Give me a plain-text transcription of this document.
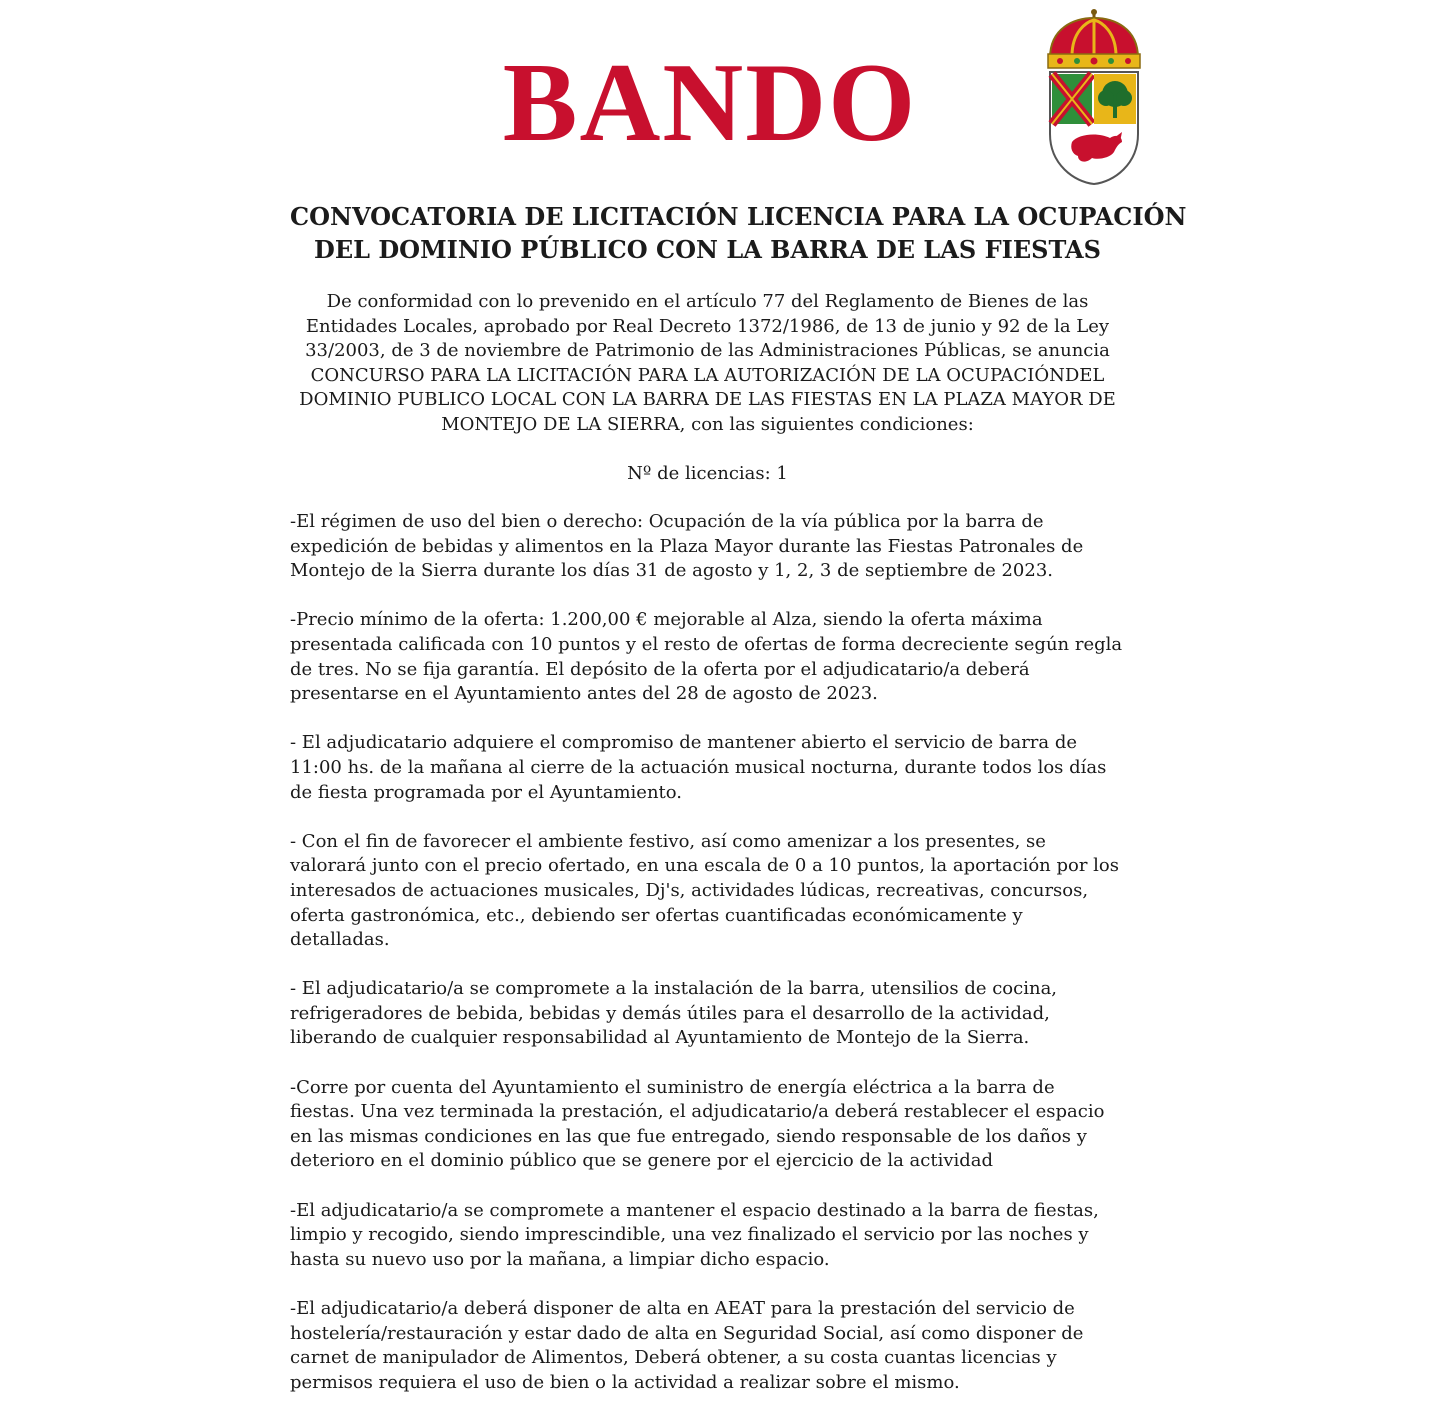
BANDO
CONVOCATORIA DE LICITACIÓN LICENCIA PARA LA OCUPACIÓN
DEL DOMINIO PÚBLICO CON LA BARRA DE LAS FIESTAS
De conformidad con lo prevenido en el artículo 77 del Reglamento de Bienes de las Entidades Locales, aprobado por Real Decreto 1372/1986, de 13 de junio y 92 de la Ley 33/2003, de 3 de noviembre de Patrimonio de las Administraciones Públicas, se anuncia CONCURSO PARA LA LICITACIÓN PARA LA AUTORIZACIÓN DE LA OCUPACIÓNDEL DOMINIO PUBLICO LOCAL CON LA BARRA DE LAS FIESTAS EN LA PLAZA MAYOR DE MONTEJO DE LA SIERRA, con las siguientes condiciones:
Nº de licencias: 1

-El régimen de uso del bien o derecho: Ocupación de la vía pública por la barra de expedición de bebidas y alimentos en la Plaza Mayor durante las Fiestas Patronales de Montejo de la Sierra durante los días 31 de agosto y 1, 2, 3 de septiembre de 2023.

-Precio mínimo de la oferta: 1.200,00 € mejorable al Alza, siendo la oferta máxima presentada calificada con 10 puntos y el resto de ofertas de forma decreciente según regla de tres. No se fija garantía. El depósito de la oferta por el adjudicatario/a deberá presentarse en el Ayuntamiento antes del 28 de agosto de 2023.

- El adjudicatario adquiere el compromiso de mantener abierto el servicio de barra de 11:00 hs. de la mañana al cierre de la actuación musical nocturna, durante todos los días de fiesta programada por el Ayuntamiento.

- Con el fin de favorecer el ambiente festivo, así como amenizar a los presentes, se valorará junto con el precio ofertado, en una escala de 0 a 10 puntos, la aportación por los interesados de actuaciones musicales, Dj's, actividades lúdicas, recreativas, concursos, oferta gastronómica, etc., debiendo ser ofertas cuantificadas económicamente y detalladas.

- El adjudicatario/a se compromete a la instalación de la barra, utensilios de cocina, refrigeradores de bebida, bebidas y demás útiles para el desarrollo de la actividad, liberando de cualquier responsabilidad al Ayuntamiento de Montejo de la Sierra.

-Corre por cuenta del Ayuntamiento el suministro de energía eléctrica a la barra de fiestas. Una vez terminada la prestación, el adjudicatario/a deberá restablecer el espacio en las mismas condiciones en las que fue entregado, siendo responsable de los daños y deterioro en el dominio público que se genere por el ejercicio de la actividad

-El adjudicatario/a se compromete a mantener el espacio destinado a la barra de fiestas, limpio y recogido, siendo imprescindible, una vez finalizado el servicio por las noches y hasta su nuevo uso por la mañana, a limpiar dicho espacio.

-El adjudicatario/a deberá disponer de alta en AEAT para la prestación del servicio de hostelería/restauración y estar dado de alta en Seguridad Social, así como disponer de carnet de manipulador de Alimentos, Deberá obtener, a su costa cuantas licencias y permisos requiera el uso de bien o la actividad a realizar sobre el mismo.
